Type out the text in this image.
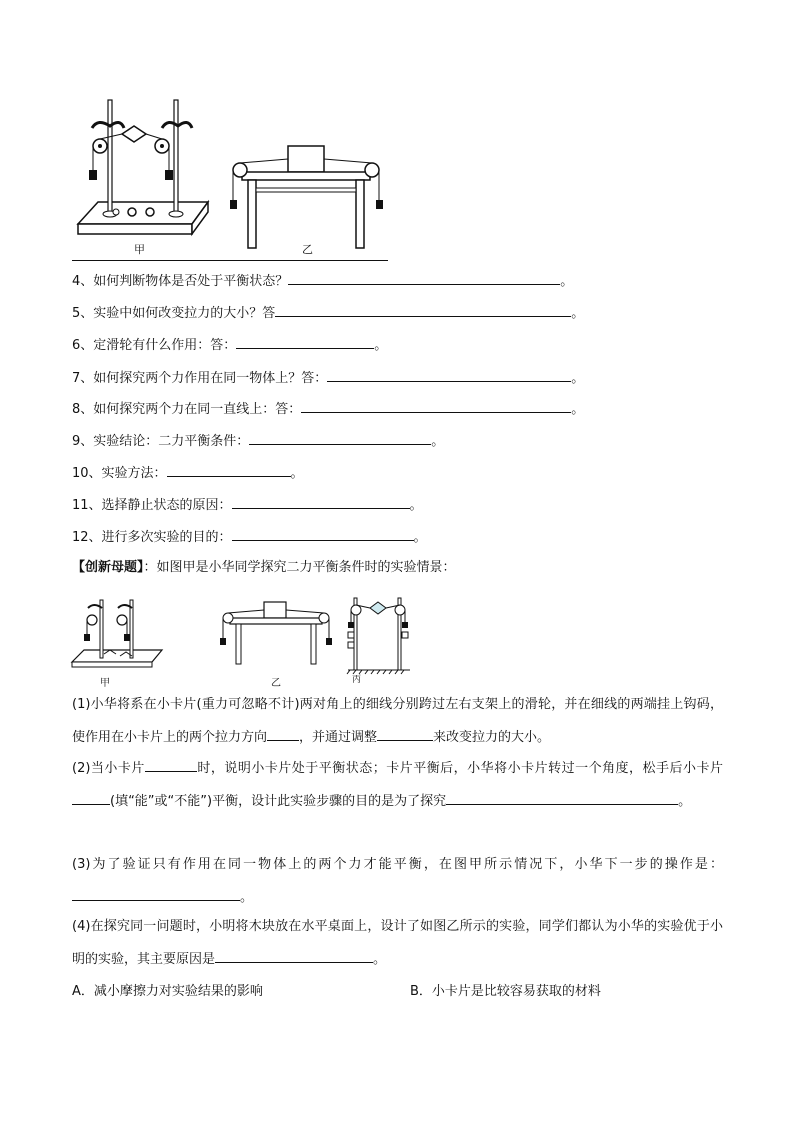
甲	乙
4、如何判断物体是否处于平衡状态？	。
5、实验中如何改变拉力的大小？答	。
6、定滑轮有什么作用：答：	。
7、如何探究两个力作用在同一物体上？答：	。
8、如何探究两个力在同一直线上：答：	。
9、实验结论：二力平衡条件：	。
10、实验方法：	。
11、选择静止状态的原因：	。
12、进行多次实验的目的：	。
【创新母题】：如图甲是小华同学探究二力平衡条件时的实验情景：
甲	乙	丙
(1)小华将系在小卡片(重力可忽略不计)两对角上的细线分别跨过左右支架上的滑轮，并在细线的两端挂上钩码，使作用在小卡片上的两个拉力方向 ，并通过调整	来改变拉力的大小。
(2)当小卡片	时，说明小卡片处于平衡状态；卡片平衡后，小华将小卡片转过一个角度，松手后小卡片(填“能”或“不能”)平衡，设计此实验步骤的目的是为了探究	。
(3)为了验证只有作用在同一物体上的两个力才能平衡，在图甲所示情况下，小华下一步的操作是：。
(4)在探究同一问题时，小明将木块放在水平桌面上，设计了如图乙所示的实验，同学们都认为小华的实验优于小明的实验，其主要原因是	。
A．减小摩擦力对实验结果的影响	B．小卡片是比较容易获取的材料
